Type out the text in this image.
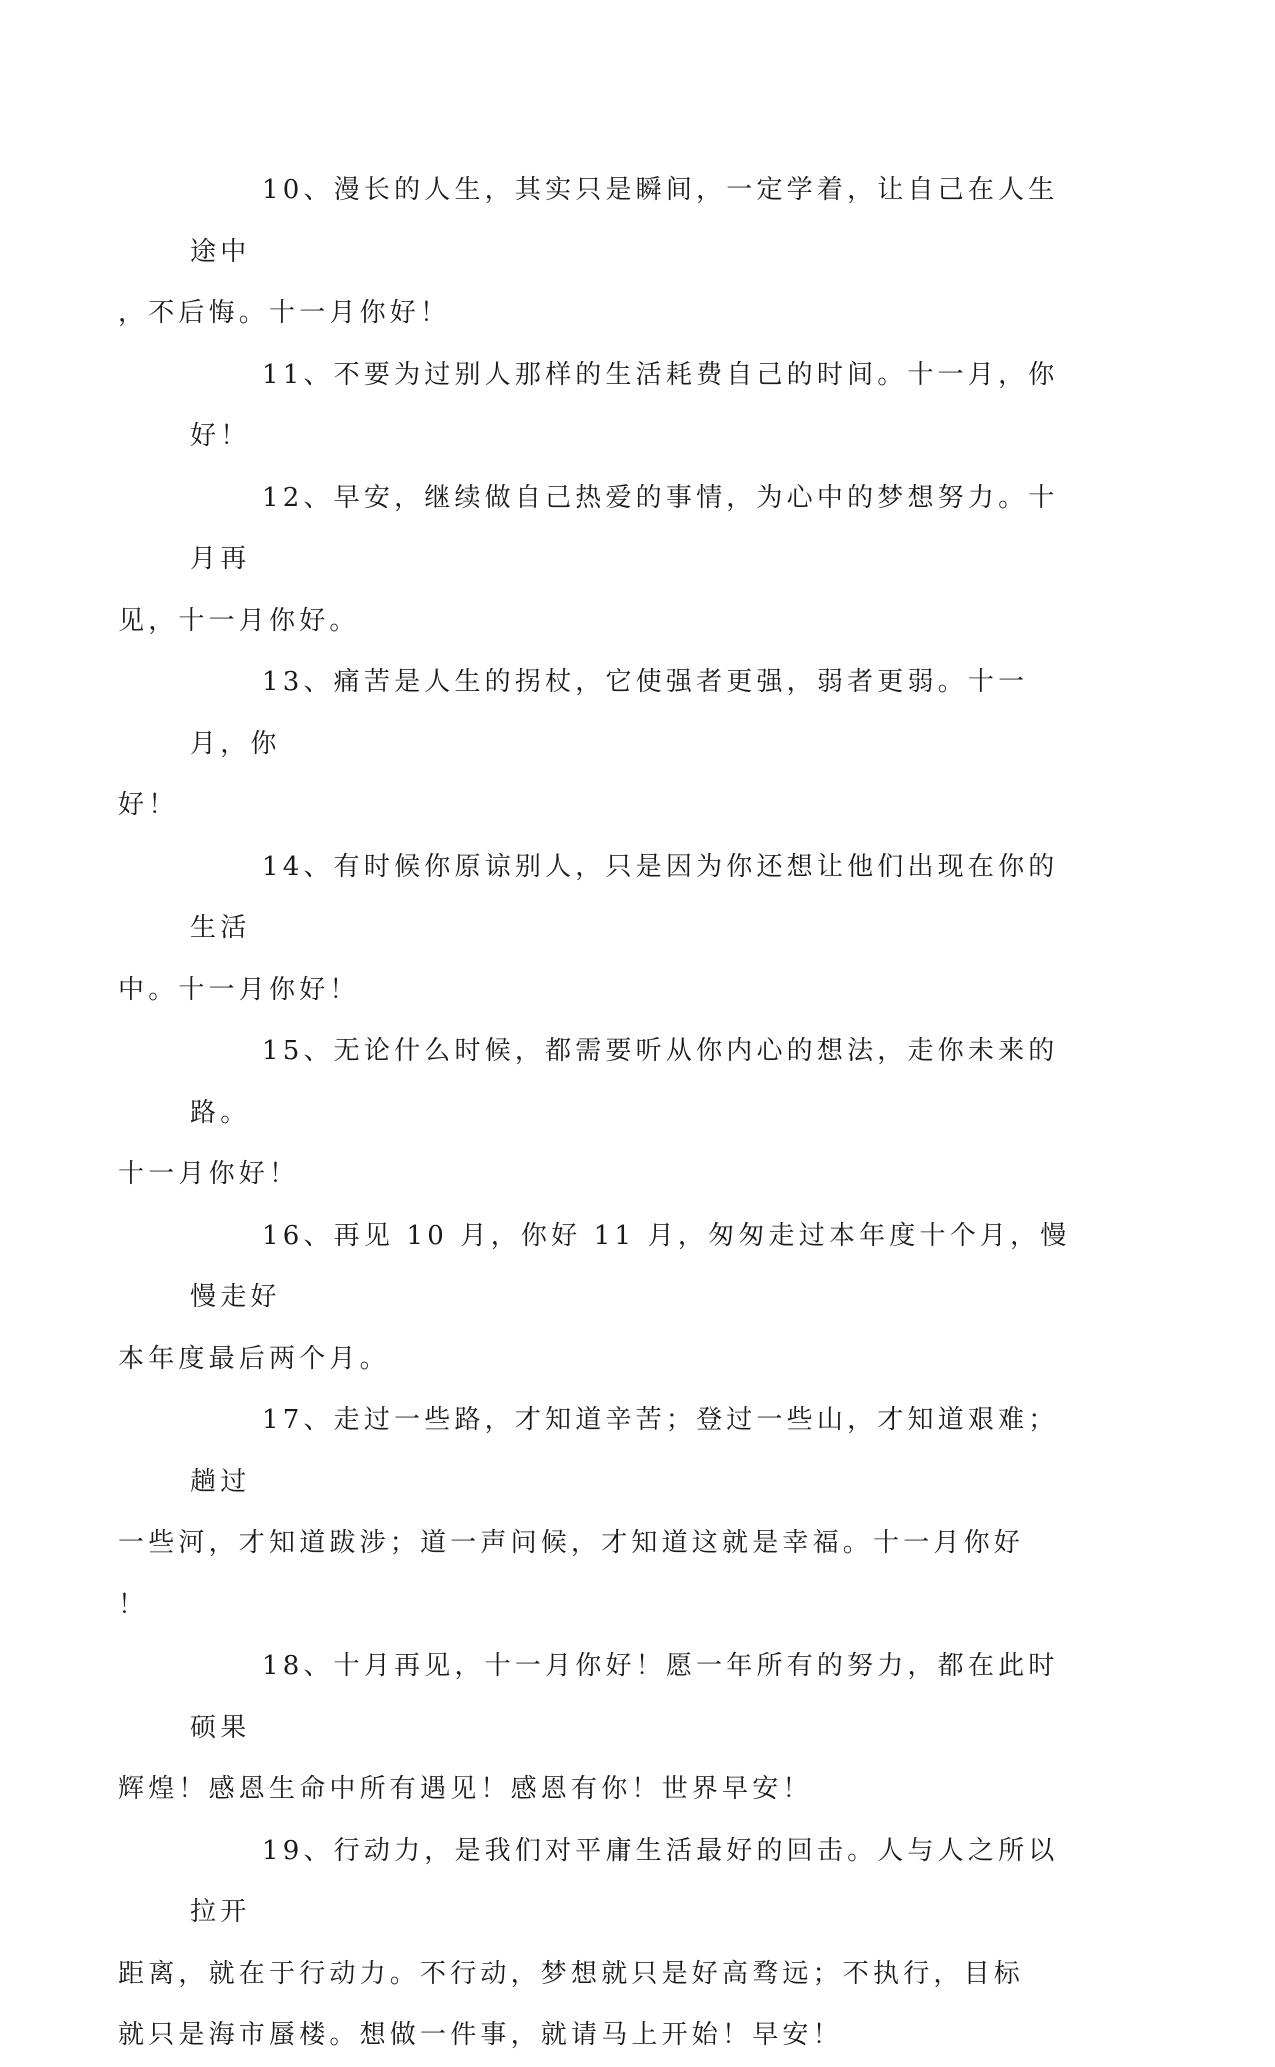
10、漫长的人生，其实只是瞬间，一定学着，让自己在人生途中
，不后悔。十一月你好！

11、不要为过别人那样的生活耗费自己的时间。十一月，你好！

12、早安，继续做自己热爱的事情，为心中的梦想努力。十月再
见，十一月你好。

13、痛苦是人生的拐杖，它使强者更强，弱者更弱。十一月，你
好！

14、有时候你原谅别人，只是因为你还想让他们出现在你的生活
中。十一月你好！

15、无论什么时候，都需要听从你内心的想法，走你未来的路。
十一月你好！

16、再见 10 月，你好 11 月，匆匆走过本年度十个月，慢慢走好
本年度最后两个月。

17、走过一些路，才知道辛苦；登过一些山，才知道艰难；趟过
一些河，才知道跋涉；道一声问候，才知道这就是幸福。十一月你好
！

18、十月再见，十一月你好！愿一年所有的努力，都在此时硕果
辉煌！感恩生命中所有遇见！感恩有你！世界早安！

19、行动力，是我们对平庸生活最好的回击。人与人之所以拉开
距离，就在于行动力。不行动，梦想就只是好高骛远；不执行，目标
就只是海市蜃楼。想做一件事，就请马上开始！早安！
